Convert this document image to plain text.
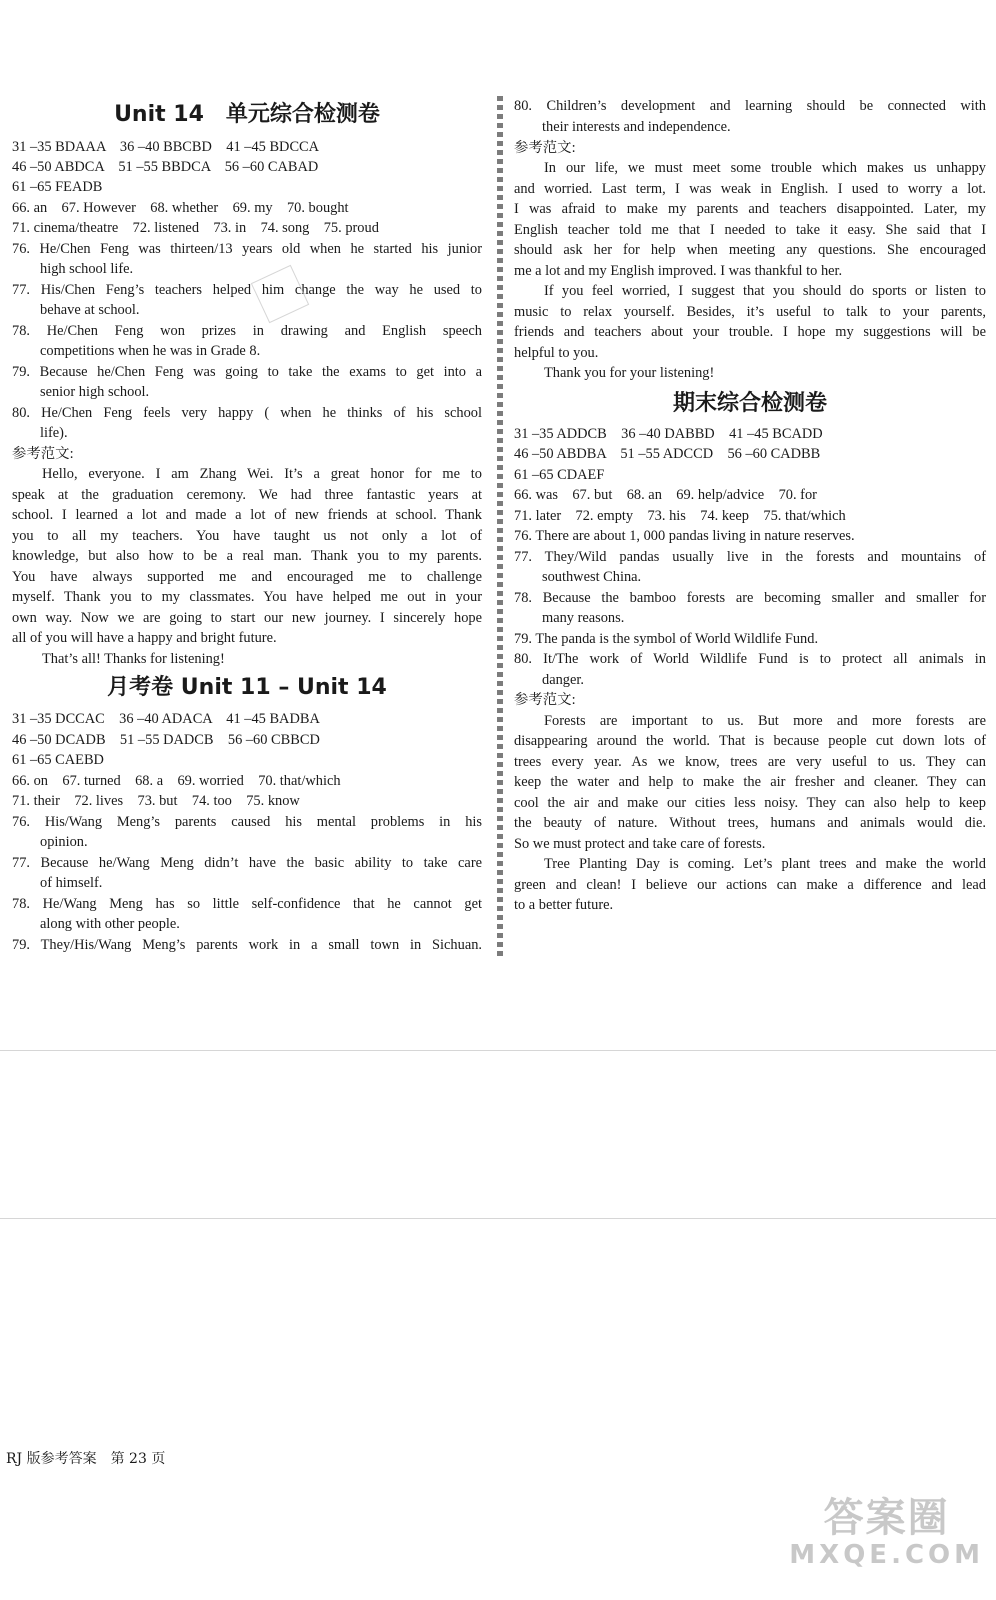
Unit 14　单元综合检测卷
31 –35 BDAAA　36 –40 BBCBD　41 –45 BDCCA
46 –50 ABDCA　51 –55 BBDCA　56 –60 CABAD
61 –65 FEADB
66. an　67. However　68. whether　69. my　70. bought
71. cinema/theatre　72. listened　73. in　74. song　75. proud
76. He/Chen Feng was thirteen/13 years old when he started his junior
high school life.
77. His/Chen Feng’s teachers helped him change the way he used to
behave at school.
78. He/Chen Feng won prizes in drawing and English speech
competitions when he was in Grade 8.
79. Because he/Chen Feng was going to take the exams to get into a
senior high school.
80. He/Chen Feng feels very happy ( when he thinks of his school
life).
参考范文:
Hello, everyone. I am Zhang Wei. It’s a great honor for me to
speak at the graduation ceremony. We had three fantastic years at
school. I learned a lot and made a lot of new friends at school. Thank
you to all my teachers. You have taught us not only a lot of
knowledge, but also how to be a real man. Thank you to my parents.
You have always supported me and encouraged me to challenge
myself. Thank you to my classmates. You have helped me out in your
own way. Now we are going to start our new journey. I sincerely hope
all of you will have a happy and bright future.
That’s all! Thanks for listening!
月考卷 Unit 11 – Unit 14
31 –35 DCCAC　36 –40 ADACA　41 –45 BADBA
46 –50 DCADB　51 –55 DADCB　56 –60 CBBCD
61 –65 CAEBD
66. on　67. turned　68. a　69. worried　70. that/which
71. their　72. lives　73. but　74. too　75. know
76. His/Wang Meng’s parents caused his mental problems in his
opinion.
77. Because he/Wang Meng didn’t have the basic ability to take care
of himself.
78. He/Wang Meng has so little self-confidence that he cannot get
along with other people.
79. They/His/Wang Meng’s parents work in a small town in Sichuan.
80. Children’s development and learning should be connected with
their interests and independence.
参考范文:
In our life, we must meet some trouble which makes us unhappy
and worried. Last term, I was weak in English. I used to worry a lot.
I was afraid to make my parents and teachers disappointed. Later, my
English teacher told me that I needed to take it easy. She said that I
should ask her for help when meeting any questions. She encouraged
me a lot and my English improved. I was thankful to her.
If you feel worried, I suggest that you should do sports or listen to
music to relax yourself. Besides, it’s useful to talk to your parents,
friends and teachers about your trouble. I hope my suggestions will be
helpful to you.
Thank you for your listening!
期末综合检测卷
31 –35 ADDCB　36 –40 DABBD　41 –45 BCADD
46 –50 ABDBA　51 –55 ADCCD　56 –60 CADBB
61 –65 CDAEF
66. was　67. but　68. an　69. help/advice　70. for
71. later　72. empty　73. his　74. keep　75. that/which
76. There are about 1, 000 pandas living in nature reserves.
77. They/Wild pandas usually live in the forests and mountains of
southwest China.
78. Because the bamboo forests are becoming smaller and smaller for
many reasons.
79. The panda is the symbol of World Wildlife Fund.
80. It/The work of World Wildlife Fund is to protect all animals in
danger.
参考范文:
Forests are important to us. But more and more forests are
disappearing around the world. That is because people cut down lots of
trees every year. As we know, trees are very useful to us. They can
keep the water and help to make the air fresher and cleaner. They can
cool the air and make our cities less noisy. They can also help to keep
the beauty of nature. Without trees, humans and animals would die.
So we must protect and take care of forests.
Tree Planting Day is coming. Let’s plant trees and make the world
green and clean! I believe our actions can make a difference and lead
to a better future.
RJ 版参考答案　第 23 页
答案圈
MXQE.COM
